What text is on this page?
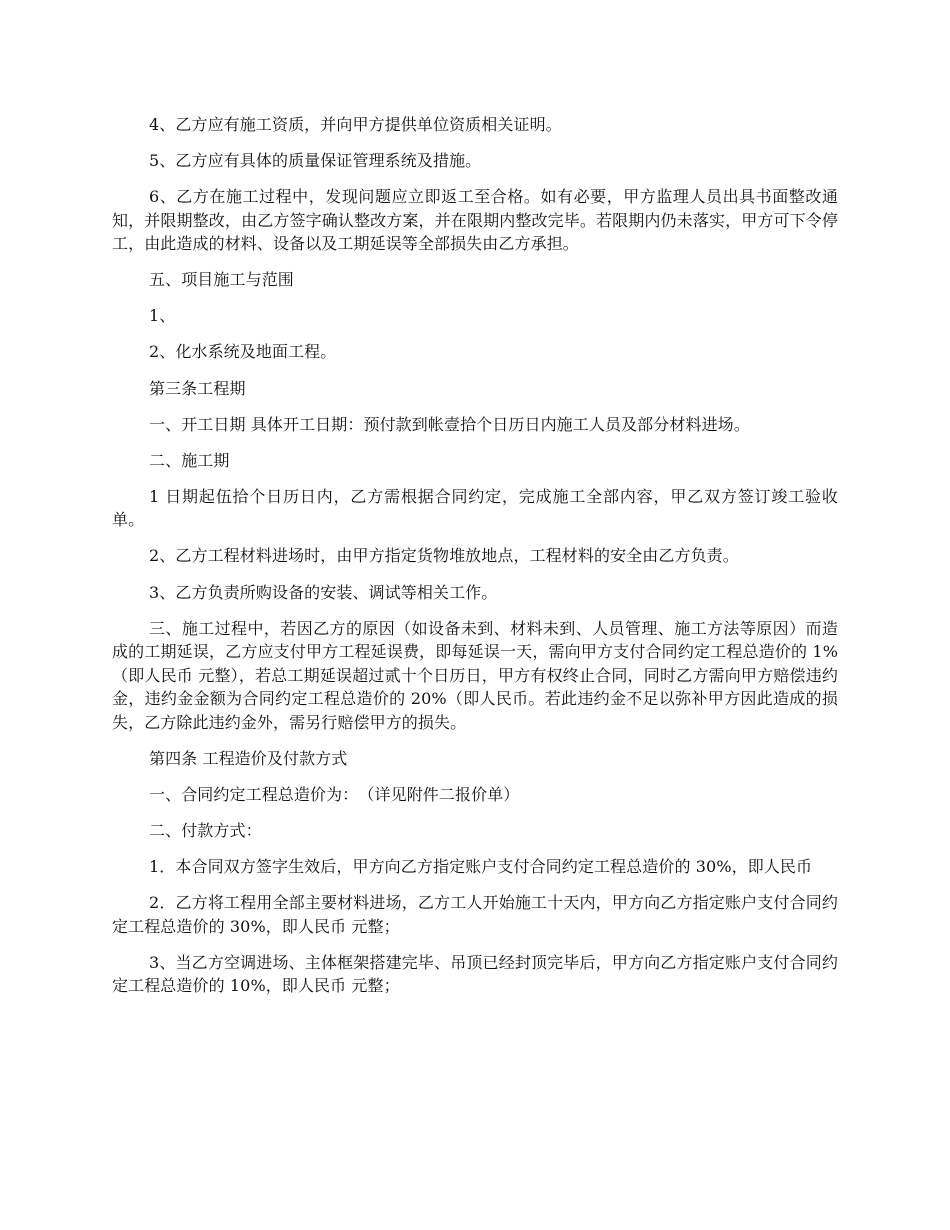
4、乙方应有施工资质，并向甲方提供单位资质相关证明。

5、乙方应有具体的质量保证管理系统及措施。

6、乙方在施工过程中，发现问题应立即返工至合格。如有必要，甲方监理人员出具书面整改通知，并限期整改，由乙方签字确认整改方案，并在限期内整改完毕。若限期内仍未落实，甲方可下令停工，由此造成的材料、设备以及工期延误等全部损失由乙方承担。

五、项目施工与范围

1、

2、化水系统及地面工程。

第三条工程期

一、开工日期 具体开工日期：预付款到帐壹拾个日历日内施工人员及部分材料进场。

二、施工期

1 日期起伍拾个日历日内，乙方需根据合同约定，完成施工全部内容，甲乙双方签订竣工验收单。

2、乙方工程材料进场时，由甲方指定货物堆放地点，工程材料的安全由乙方负责。

3、乙方负责所购设备的安装、调试等相关工作。

三、施工过程中，若因乙方的原因（如设备未到、材料未到、人员管理、施工方法等原因）而造成的工期延误，乙方应支付甲方工程延误费，即每延误一天，需向甲方支付合同约定工程总造价的 1%（即人民币 元整），若总工期延误超过贰十个日历日，甲方有权终止合同，同时乙方需向甲方赔偿违约金，违约金金额为合同约定工程总造价的 20%（即人民币。若此违约金不足以弥补甲方因此造成的损失，乙方除此违约金外，需另行赔偿甲方的损失。

第四条 工程造价及付款方式

一、合同约定工程总造价为：　（详见附件二报价单）

二、付款方式：

1．本合同双方签字生效后，甲方向乙方指定账户支付合同约定工程总造价的 30%，即人民币

2．乙方将工程用全部主要材料进场，乙方工人开始施工十天内，甲方向乙方指定账户支付合同约定工程总造价的 30%，即人民币 元整；

3、当乙方空调进场、主体框架搭建完毕、吊顶已经封顶完毕后，甲方向乙方指定账户支付合同约定工程总造价的 10%，即人民币 元整；
